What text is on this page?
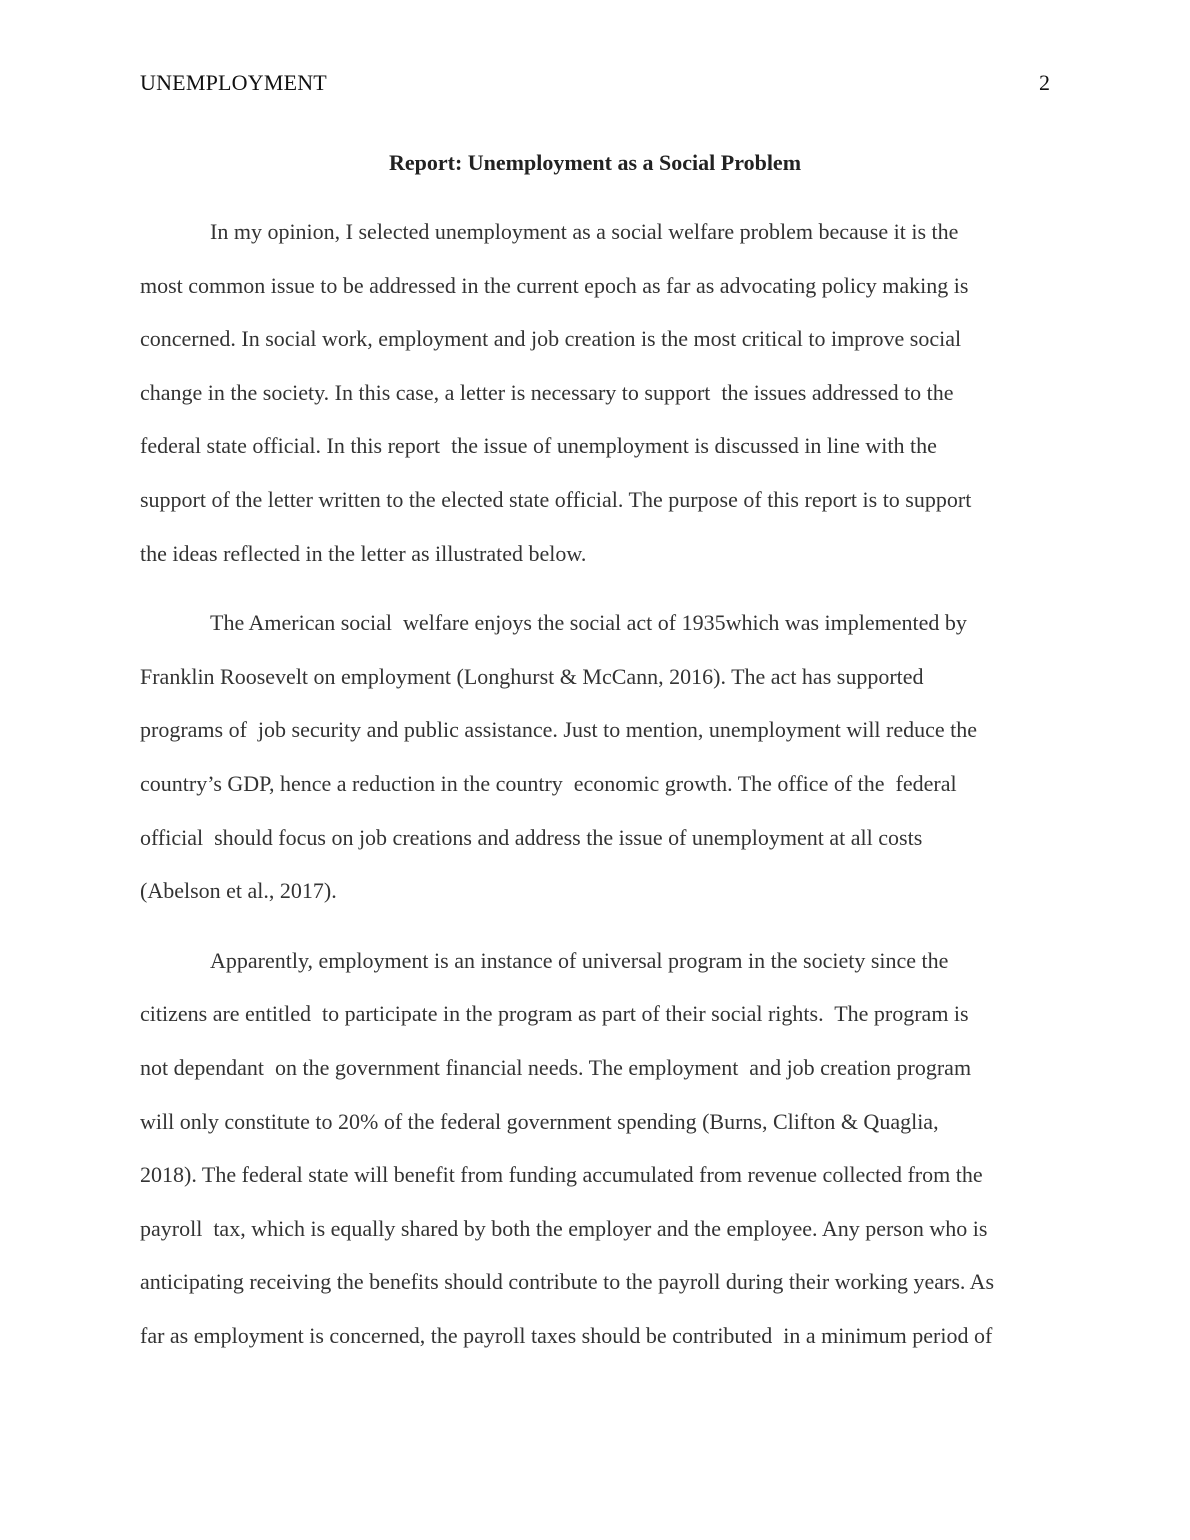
UNEMPLOYMENT	2
Report: Unemployment as a Social Problem
In my opinion, I selected unemployment as a social welfare problem because it is the
most common issue to be addressed in the current epoch as far as advocating policy making is
concerned. In social work, employment and job creation is the most critical to improve social
change in the society. In this case, a letter is necessary to support  the issues addressed to the
federal state official. In this report  the issue of unemployment is discussed in line with the
support of the letter written to the elected state official. The purpose of this report is to support
the ideas reflected in the letter as illustrated below.
The American social  welfare enjoys the social act of 1935which was implemented by
Franklin Roosevelt on employment (Longhurst & McCann, 2016). The act has supported
programs of  job security and public assistance. Just to mention, unemployment will reduce the
country’s GDP, hence a reduction in the country  economic growth. The office of the  federal
official  should focus on job creations and address the issue of unemployment at all costs
(Abelson et al., 2017).
Apparently, employment is an instance of universal program in the society since the
citizens are entitled  to participate in the program as part of their social rights.  The program is
not dependant  on the government financial needs. The employment  and job creation program
will only constitute to 20% of the federal government spending (Burns, Clifton & Quaglia,
2018). The federal state will benefit from funding accumulated from revenue collected from the
payroll  tax, which is equally shared by both the employer and the employee. Any person who is
anticipating receiving the benefits should contribute to the payroll during their working years. As
far as employment is concerned, the payroll taxes should be contributed  in a minimum period of
